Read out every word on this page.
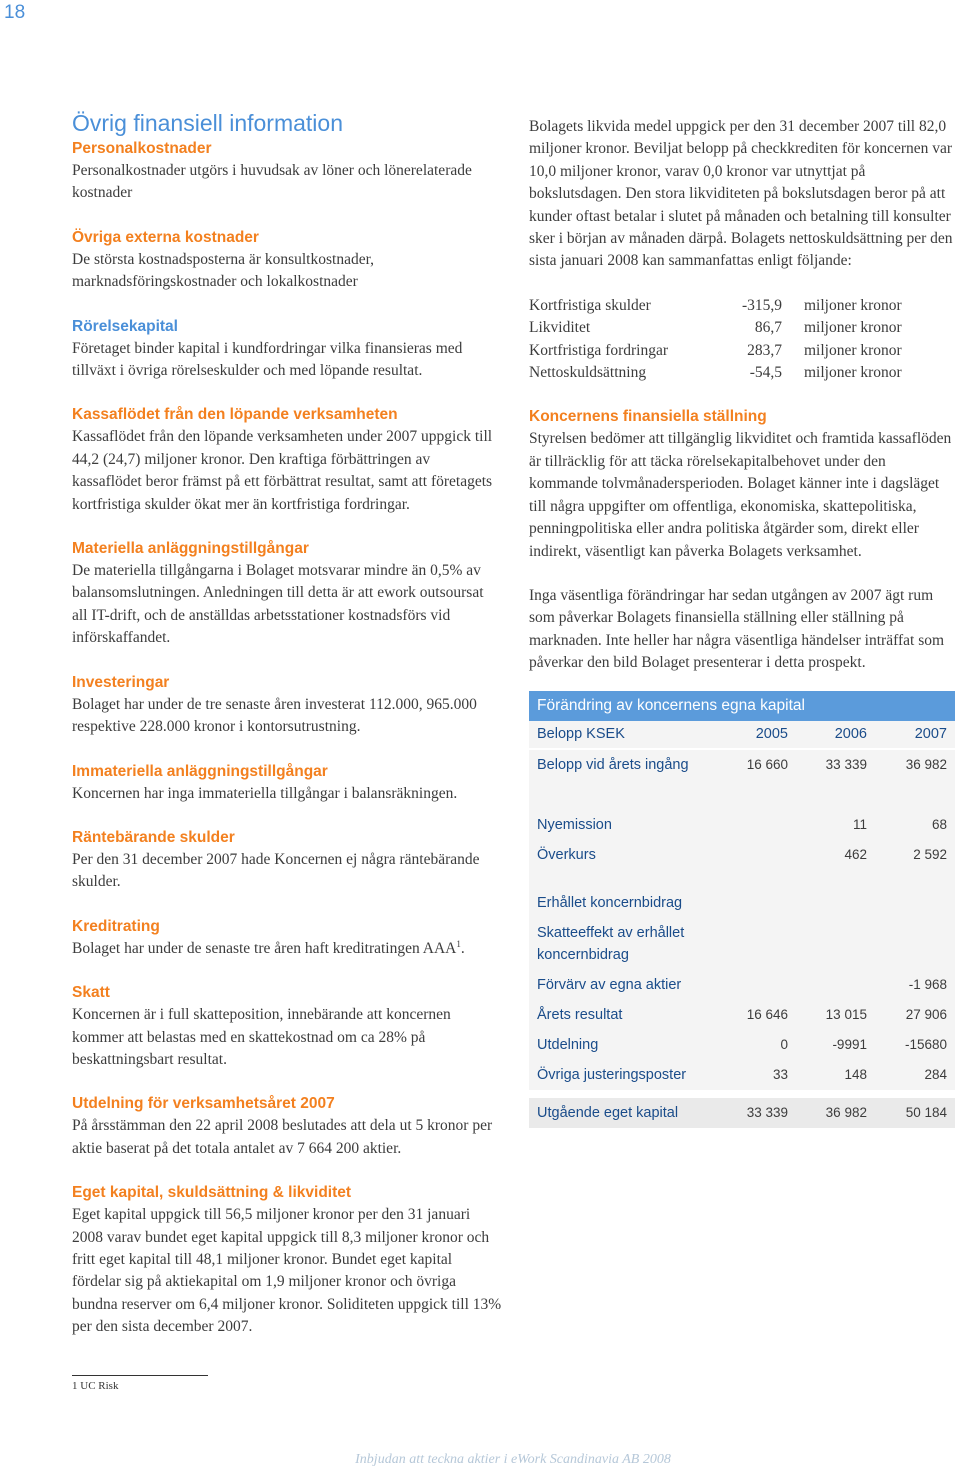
18
Övrig finansiell information
Personalkostnader

Personalkostnader utgörs i huvudsak av löner och lönerelaterade kostnader

Övriga externa kostnader

De största kostnadsposterna är konsultkostnader, marknadsföringskostnader och lokalkostnader

Rörelsekapital

Företaget binder kapital i kundfordringar vilka finansieras med tillväxt i övriga rörelseskulder och med löpande resultat.

Kassaflödet från den löpande verksamheten

Kassaflödet från den löpande verksamheten under 2007 uppgick till 44,2 (24,7) miljoner kronor. Den kraftiga förbättringen av kassaflödet beror främst på ett förbättrat resultat, samt att företagets kortfristiga skulder ökat mer än kortfristiga fordringar.

Materiella anläggningstillgångar

De materiella tillgångarna i Bolaget motsvarar mindre än 0,5% av balansomslutningen. Anledningen till detta är att ework outsoursat all IT-drift, och de anställdas arbetsstationer kostnadsförs vid införskaffandet.

Investeringar

Bolaget har under de tre senaste åren investerat 112.000, 965.000 respektive 228.000 kronor i kontorsutrustning.

Immateriella anläggningstillgångar

Koncernen har inga immateriella tillgångar i balansräkningen.

Räntebärande skulder

Per den 31 december 2007 hade Koncernen ej några räntebärande skulder.

Kreditrating

Bolaget har under de senaste tre åren haft kreditratingen AAA$^1$.

Skatt

Koncernen är i full skatteposition, innebärande att koncernen kommer att belastas med en skattekostnad om ca 28% på beskattningsbart resultat.

Utdelning för verksamhetsåret 2007

På årsstämman den 22 april 2008 beslutades att dela ut 5 kronor per aktie baserat på det totala antalet av 7 664 200 aktier.

Eget kapital, skuldsättning & likviditet

Eget kapital uppgick till 56,5 miljoner kronor per den 31 januari 2008 varav bundet eget kapital uppgick till 8,3 miljoner kronor och fritt eget kapital till 48,1 miljoner kronor. Bundet eget kapital fördelar sig på aktiekapital om 1,9 miljoner kronor och övriga bundna reserver om 6,4 miljoner kronor. Soliditeten uppgick till 13% per den sista december 2007.

Bolagets likvida medel uppgick per den 31 december 2007 till 82,0 miljoner kronor. Beviljat belopp på checkkrediten för koncernen var 10,0 miljoner kronor, varav 0,0 kronor var utnyttjat på bokslutsdagen. Den stora likviditeten på bokslutsdagen beror på att kunder oftast betalar i slutet på månaden och betalning till konsulter sker i början av månaden därpå. Bolagets nettoskuldsättning per den sista januari 2008 kan sammanfattas enligt följande:

Kortfristiga skulder	-315,9	miljoner kronor
Likviditet	86,7	miljoner kronor
Kortfristiga fordringar	283,7	miljoner kronor
Nettoskuldsättning	-54,5	miljoner kronor
Koncernens finansiella ställning

Styrelsen bedömer att tillgänglig likviditet och framtida kassaflöden är tillräcklig för att täcka rörelsekapitalbehovet under den kommande tolvmånadersperioden. Bolaget känner inte i dagsläget till några uppgifter om offentliga, ekonomiska, skattepolitiska, penningpolitiska eller andra politiska åtgärder som, direkt eller indirekt, väsentligt kan påverka Bolagets verksamhet.

Inga väsentliga förändringar har sedan utgången av 2007 ägt rum som påverkar Bolagets finansiella ställning eller ställning på marknaden. Inte heller har några väsentliga händelser inträffat som påverkar den bild Bolaget presenterar i detta prospekt.

Förändring av koncernens egna kapital
Belopp KSEK	2005	2006	2007
Belopp vid årets ingång	16 660	33 339	36 982
Nyemission		11	68
Överkurs		462	2 592
Erhållet koncernbidrag			
Skatteeffekt av erhållet koncernbidrag			
Förvärv av egna aktier			-1 968
Årets resultat	16 646	13 015	27 906
Utdelning	0	-9991	-15680
Övriga justeringsposter	33	148	284

Utgående eget kapital	33 339	36 982	50 184
1 UC Risk
Inbjudan att teckna aktier i eWork Scandinavia AB 2008
